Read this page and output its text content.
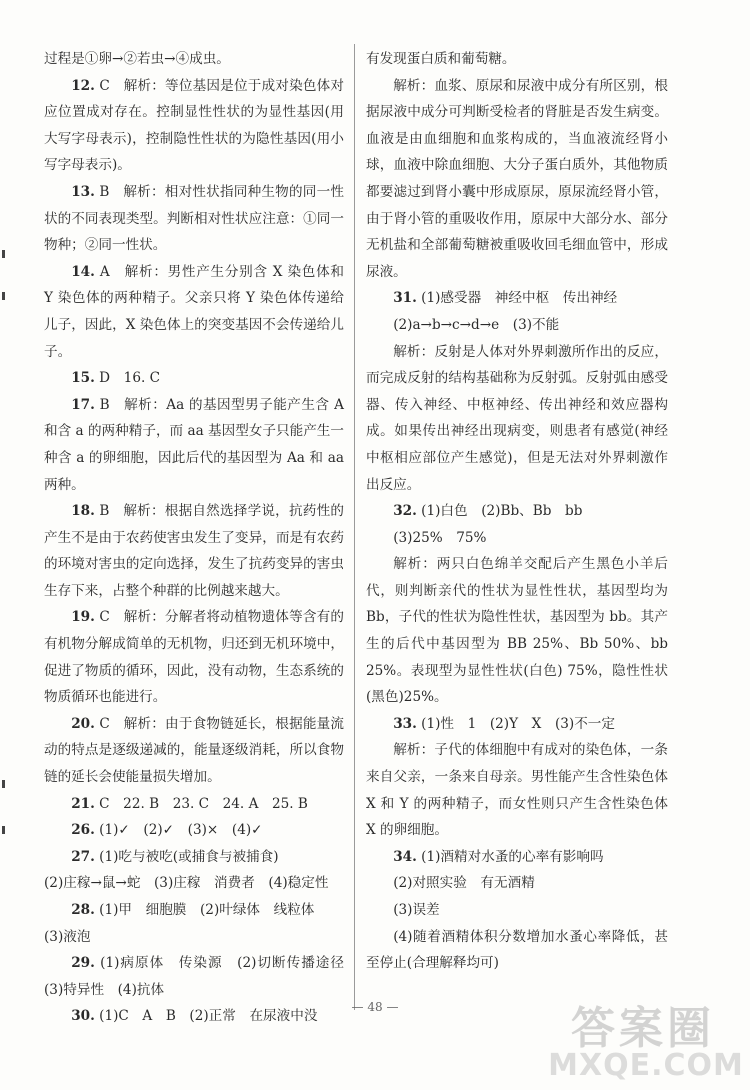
过程是①卵→②若虫→④成虫。

12. C　解析：等位基因是位于成对染色体对应位置成对存在。控制显性性状的为显性基因(用大写字母表示)，控制隐性性状的为隐性基因(用小写字母表示)。

13. B　解析：相对性状指同种生物的同一性状的不同表现类型。判断相对性状应注意：①同一物种；②同一性状。

14. A　解析：男性产生分别含 X 染色体和 Y 染色体的两种精子。父亲只将 Y 染色体传递给儿子，因此，X 染色体上的突变基因不会传递给儿子。

15. D　16. C

17. B　解析：Aa 的基因型男子能产生含 A 和含 a 的两种精子，而 aa 基因型女子只能产生一种含 a 的卵细胞，因此后代的基因型为 Aa 和 aa 两种。

18. B　解析：根据自然选择学说，抗药性的产生不是由于农药使害虫发生了变异，而是有农药的环境对害虫的定向选择，发生了抗药变异的害虫生存下来，占整个种群的比例越来越大。

19. C　解析：分解者将动植物遗体等含有的有机物分解成简单的无机物，归还到无机环境中，促进了物质的循环，因此，没有动物，生态系统的物质循环也能进行。

20. C　解析：由于食物链延长，根据能量流动的特点是逐级递减的，能量逐级消耗，所以食物链的延长会使能量损失增加。

21. C　22. B　23. C　24. A　25. B

26. (1)✓　(2)✓　(3)×　(4)✓

27. (1)吃与被吃(或捕食与被捕食)

(2)庄稼→鼠→蛇　(3)庄稼　消费者　(4)稳定性

28. (1)甲　细胞膜　(2)叶绿体　线粒体

(3)液泡

29. (1)病原体　传染源　(2)切断传播途径　(3)特异性　(4)抗体

30. (1)C　A　B　(2)正常　在尿液中没

有发现蛋白质和葡萄糖。

解析：血浆、原尿和尿液中成分有所区别，根据尿液中成分可判断受检者的肾脏是否发生病变。血液是由血细胞和血浆构成的，当血液流经肾小球，血液中除血细胞、大分子蛋白质外，其他物质都要滤过到肾小囊中形成原尿，原尿流经肾小管，由于肾小管的重吸收作用，原尿中大部分水、部分无机盐和全部葡萄糖被重吸收回毛细血管中，形成尿液。

31. (1)感受器　神经中枢　传出神经

(2)a→b→c→d→e　(3)不能

解析：反射是人体对外界刺激所作出的反应，而完成反射的结构基础称为反射弧。反射弧由感受器、传入神经、中枢神经、传出神经和效应器构成。如果传出神经出现病变，则患者有感觉(神经中枢相应部位产生感觉)，但是无法对外界刺激作出反应。

32. (1)白色　(2)Bb、Bb　bb

(3)25%　75%

解析：两只白色绵羊交配后产生黑色小羊后代，则判断亲代的性状为显性性状，基因型均为 Bb，子代的性状为隐性性状，基因型为 bb。其产生的后代中基因型为 BB 25%、Bb 50%、bb 25%。表现型为显性性状(白色) 75%，隐性性状(黑色)25%。

33. (1)性　1　(2)Y　X　(3)不一定

解析：子代的体细胞中有成对的染色体，一条来自父亲，一条来自母亲。男性能产生含性染色体 X 和 Y 的两种精子，而女性则只产生含性染色体 X 的卵细胞。

34. (1)酒精对水蚤的心率有影响吗

(2)对照实验　有无酒精

(3)误差

(4)随着酒精体积分数增加水蚤心率降低，甚至停止(合理解释均可)

— 48 —	答案圈
MXQE.COM
